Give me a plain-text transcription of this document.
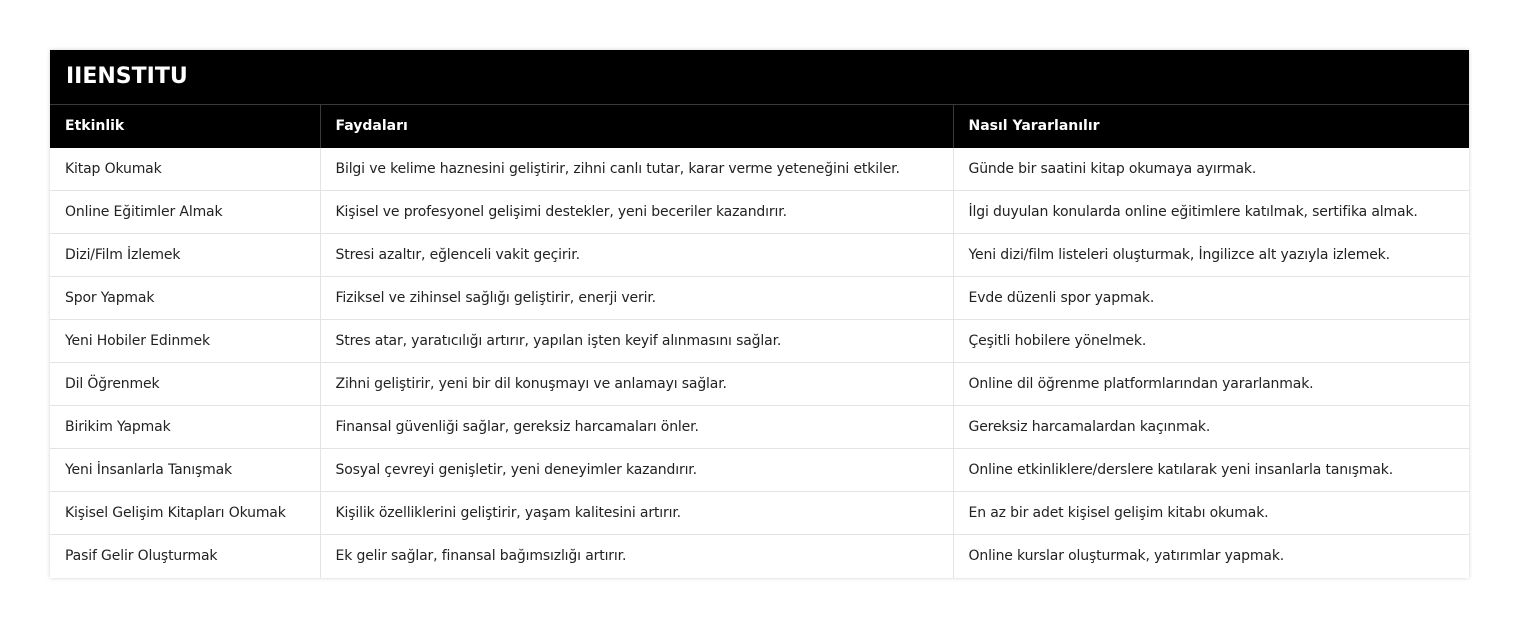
IIENSTITU
Etkinlik	Faydaları	Nasıl Yararlanılır
Kitap Okumak	Bilgi ve kelime haznesini geliştirir, zihni canlı tutar, karar verme yeteneğini etkiler.	Günde bir saatini kitap okumaya ayırmak.
Online Eğitimler Almak	Kişisel ve profesyonel gelişimi destekler, yeni beceriler kazandırır.	İlgi duyulan konularda online eğitimlere katılmak, sertifika almak.
Dizi/Film İzlemek	Stresi azaltır, eğlenceli vakit geçirir.	Yeni dizi/film listeleri oluşturmak, İngilizce alt yazıyla izlemek.
Spor Yapmak	Fiziksel ve zihinsel sağlığı geliştirir, enerji verir.	Evde düzenli spor yapmak.
Yeni Hobiler Edinmek	Stres atar, yaratıcılığı artırır, yapılan işten keyif alınmasını sağlar.	Çeşitli hobilere yönelmek.
Dil Öğrenmek	Zihni geliştirir, yeni bir dil konuşmayı ve anlamayı sağlar.	Online dil öğrenme platformlarından yararlanmak.
Birikim Yapmak	Finansal güvenliği sağlar, gereksiz harcamaları önler.	Gereksiz harcamalardan kaçınmak.
Yeni İnsanlarla Tanışmak	Sosyal çevreyi genişletir, yeni deneyimler kazandırır.	Online etkinliklere/derslere katılarak yeni insanlarla tanışmak.
Kişisel Gelişim Kitapları Okumak	Kişilik özelliklerini geliştirir, yaşam kalitesini artırır.	En az bir adet kişisel gelişim kitabı okumak.
Pasif Gelir Oluşturmak	Ek gelir sağlar, finansal bağımsızlığı artırır.	Online kurslar oluşturmak, yatırımlar yapmak.
